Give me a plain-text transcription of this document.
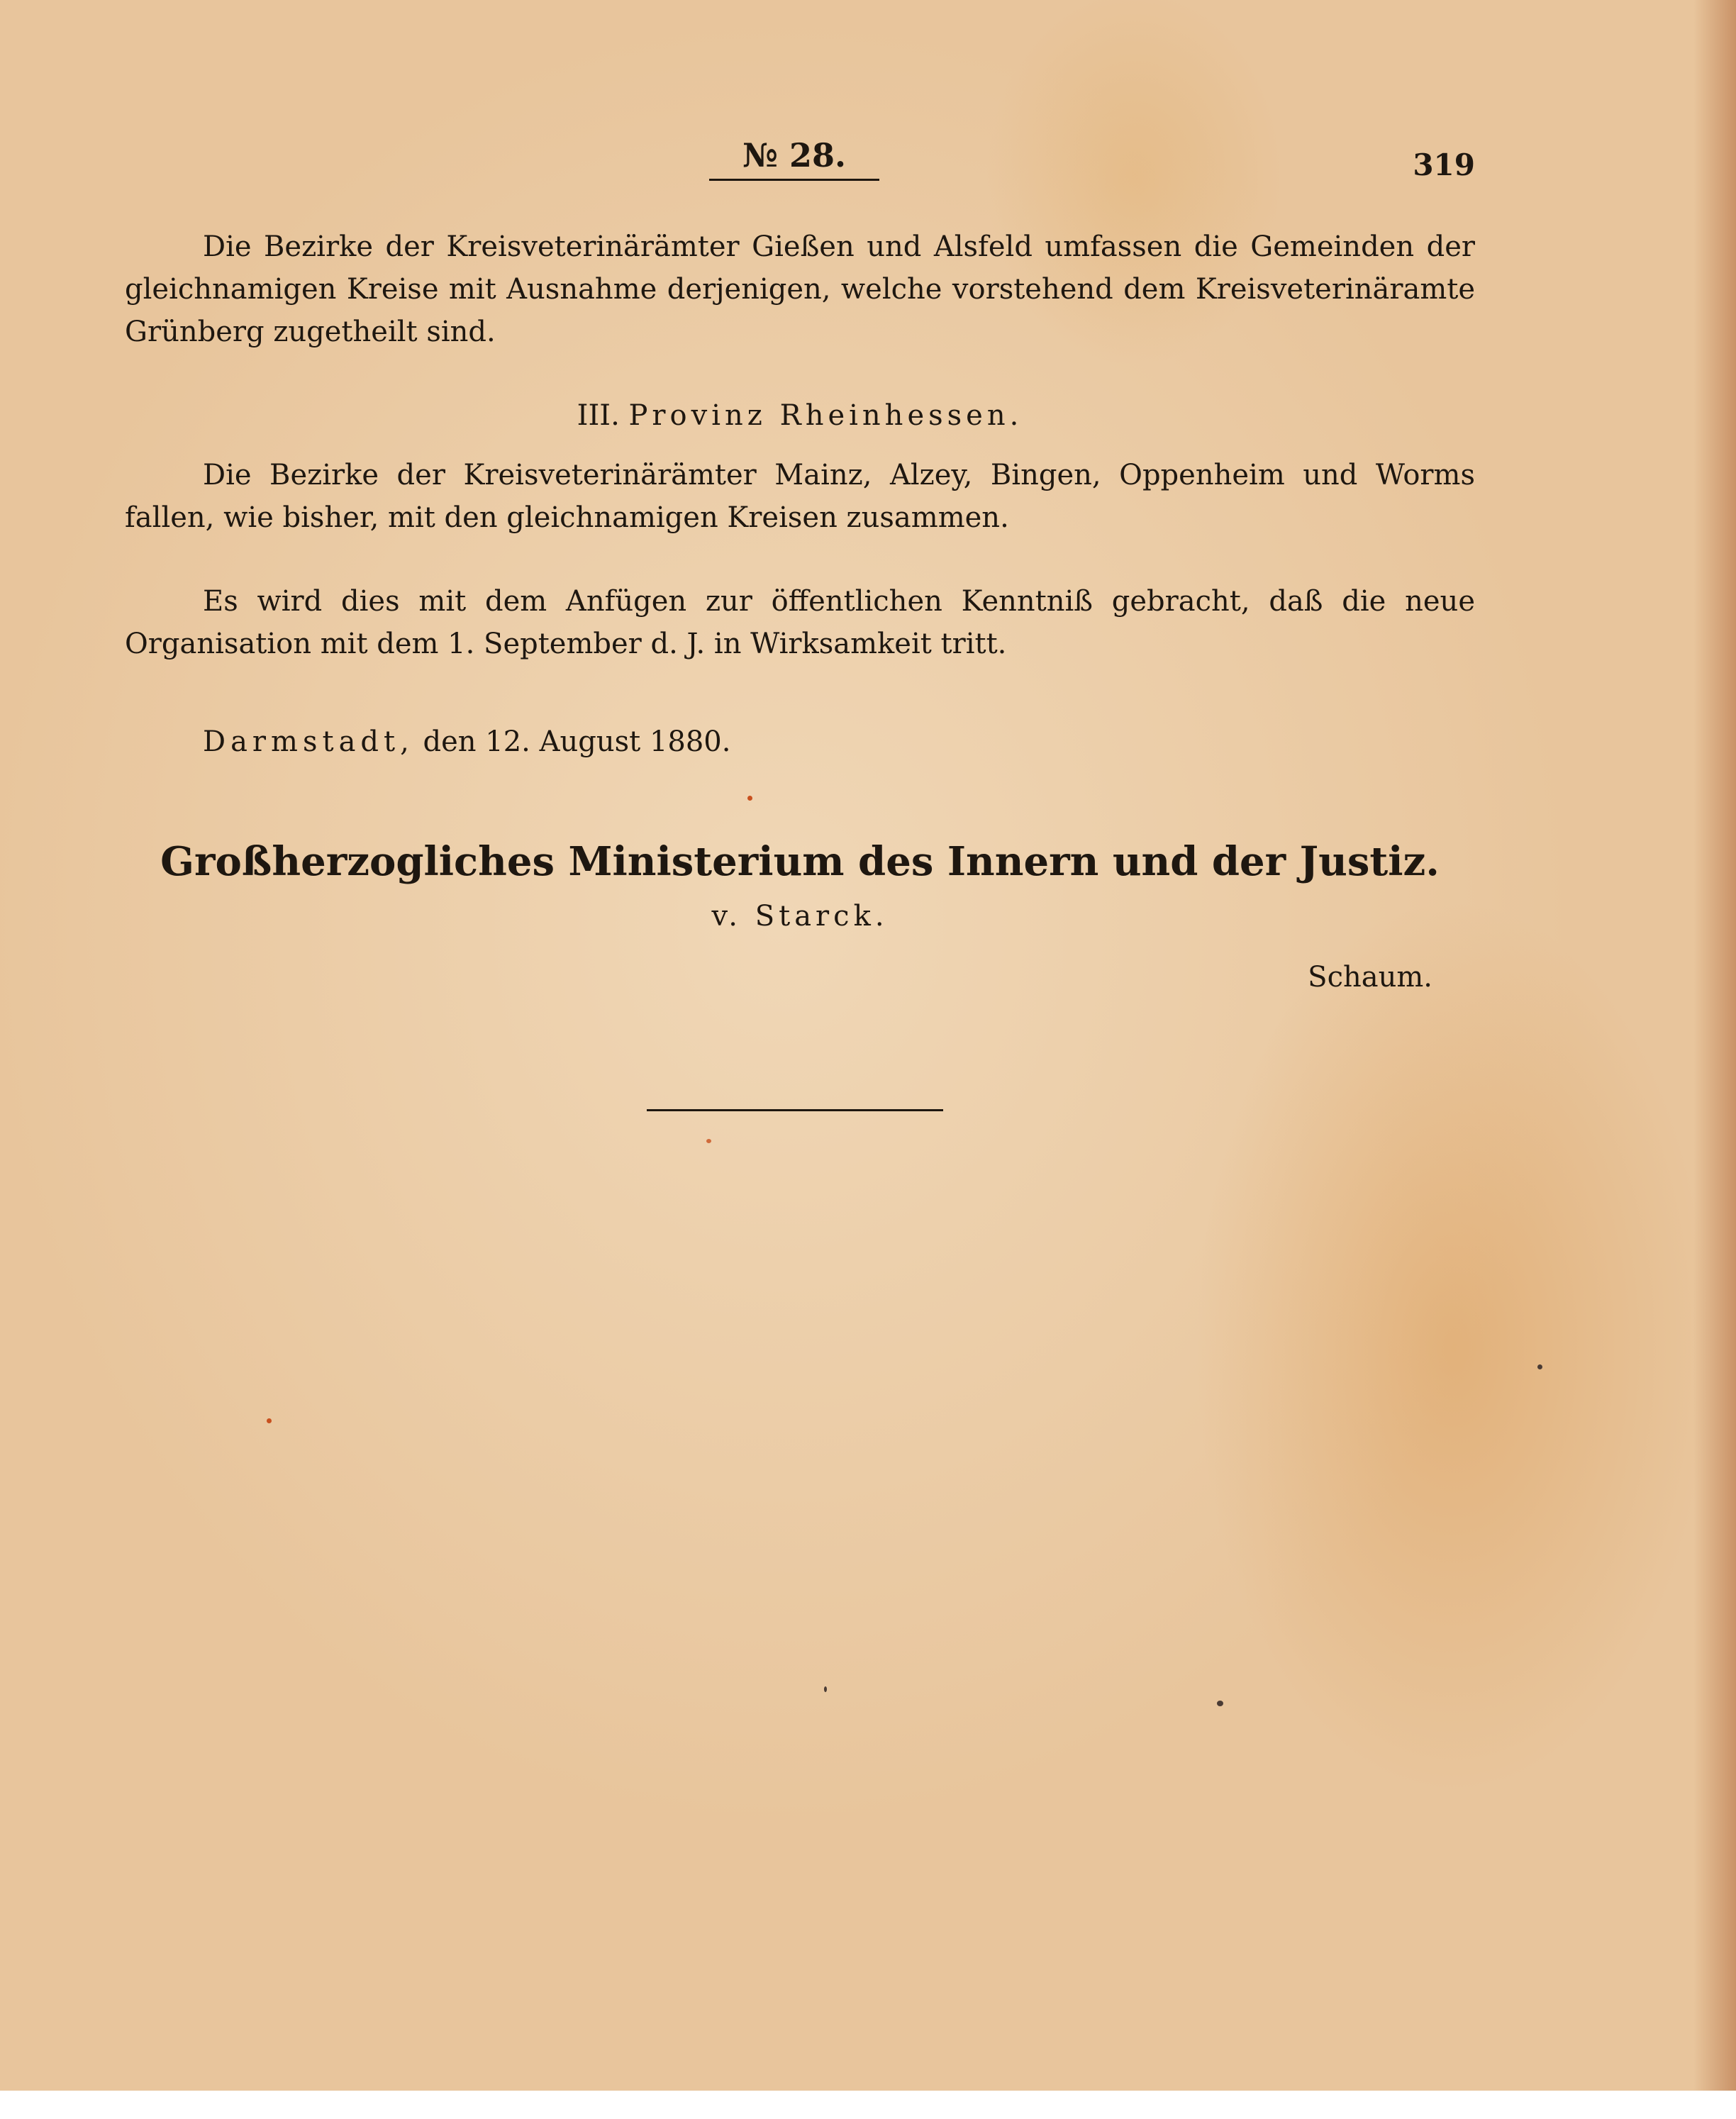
№ 28.	319

Die Bezirke der Kreisveterinärämter Gießen und Alsfeld umfassen die Gemeinden der gleichnamigen Kreise mit Ausnahme derjenigen, welche vorstehend dem Kreisveterinäramte Grünberg zugetheilt sind.

III. Provinz Rheinhessen.

Die Bezirke der Kreisveterinärämter Mainz, Alzey, Bingen, Oppenheim und Worms fallen, wie bisher, mit den gleichnamigen Kreisen zusammen.

Es wird dies mit dem Anfügen zur öffentlichen Kenntniß gebracht, daß die neue Organisation mit dem 1. September d. J. in Wirksamkeit tritt.

Darmstadt, den 12. August 1880.

Großherzogliches Ministerium des Innern und der Justiz.

v. Starck.

Schaum.
